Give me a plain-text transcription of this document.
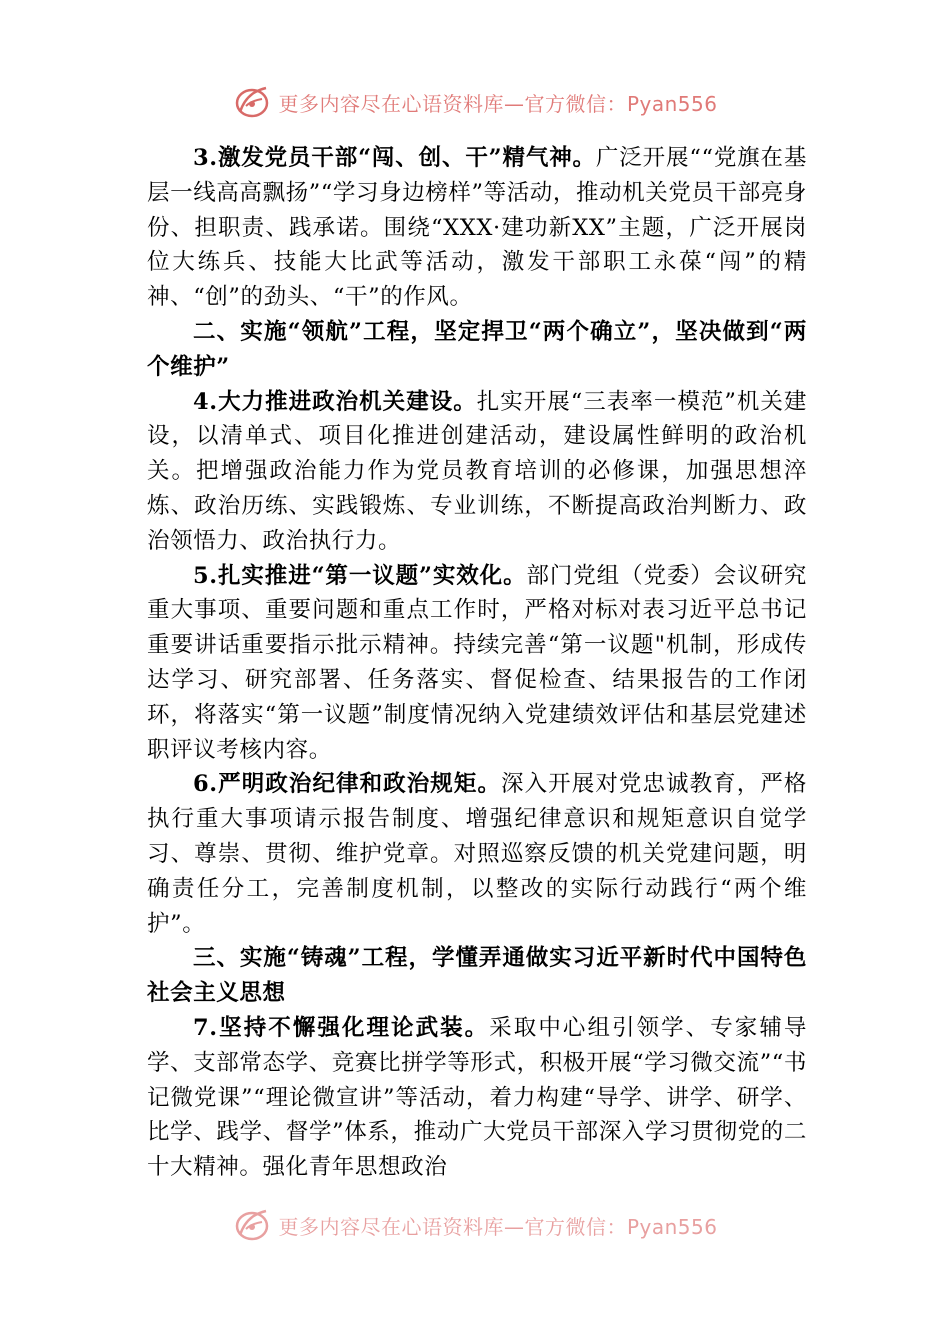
更多内容尽在心语资料库—官方微信：Pyan556

3.激发党员干部“闯、创、干”精气神。广泛开展““党旗在基层一线高高飘扬”“学习身边榜样”等活动，推动机关党员干部亮身份、担职责、践承诺。围绕“XXX·建功新XX”主题，广泛开展岗位大练兵、技能大比武等活动，激发干部职工永葆“闯”的精神、“创”的劲头、“干”的作风。

二、实施“领航”工程，坚定捍卫“两个确立”，坚决做到“两个维护”

4.大力推进政治机关建设。扎实开展“三表率一模范”机关建设，以清单式、项目化推进创建活动，建设属性鲜明的政治机关。把增强政治能力作为党员教育培训的必修课，加强思想淬炼、政治历练、实践锻炼、专业训练，不断提高政治判断力、政治领悟力、政治执行力。

5.扎实推进“第一议题”实效化。部门党组（党委）会议研究重大事项、重要问题和重点工作时，严格对标对表习近平总书记重要讲话重要指示批示精神。持续完善“第一议题"机制，形成传达学习、研究部署、任务落实、督促检查、结果报告的工作闭环，将落实“第一议题”制度情况纳入党建绩效评估和基层党建述职评议考核内容。

6.严明政治纪律和政治规矩。深入开展对党忠诚教育，严格执行重大事项请示报告制度、增强纪律意识和规矩意识自觉学习、尊崇、贯彻、维护党章。对照巡察反馈的机关党建问题，明确责任分工，完善制度机制，以整改的实际行动践行“两个维护”。

三、实施“铸魂”工程，学懂弄通做实习近平新时代中国特色社会主义思想

7.坚持不懈强化理论武装。采取中心组引领学、专家辅导学、支部常态学、竞赛比拼学等形式，积极开展“学习微交流”“书记微党课”“理论微宣讲”等活动，着力构建“导学、讲学、研学、比学、践学、督学”体系，推动广大党员干部深入学习贯彻党的二十大精神。强化青年思想政治

更多内容尽在心语资料库—官方微信：Pyan556
